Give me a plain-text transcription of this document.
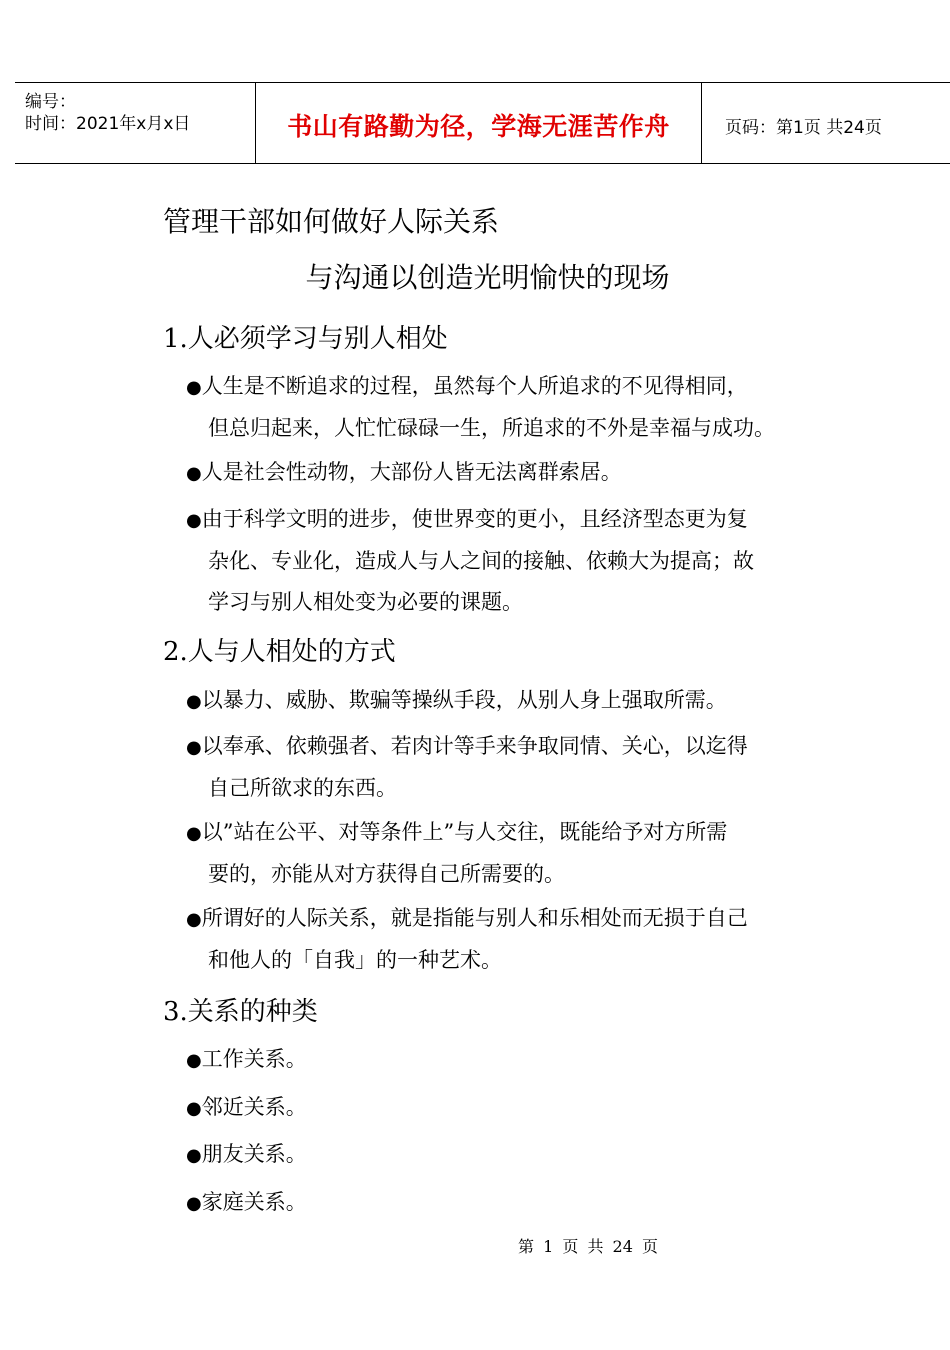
编号：
时间：2021年x月x日	书山有路勤为径，学海无涯苦作舟	页码：第1页 共24页
管理干部如何做好人际关系
与沟通以创造光明愉快的现场
1.人必须学习与别人相处
●人生是不断追求的过程，虽然每个人所追求的不见得相同，
但总归起来，人忙忙碌碌一生，所追求的不外是幸福与成功。
●人是社会性动物，大部份人皆无法离群索居。
●由于科学文明的进步，使世界变的更小，且经济型态更为复
杂化、专业化，造成人与人之间的接触、依赖大为提高；故
学习与别人相处变为必要的课题。
2.人与人相处的方式
●以暴力、威胁、欺骗等操纵手段，从别人身上强取所需。
●以奉承、依赖强者、若肉计等手来争取同情、关心，以迄得
自己所欲求的东西。
●以”站在公平、对等条件上”与人交往，既能给予对方所需
要的，亦能从对方获得自己所需要的。
●所谓好的人际关系，就是指能与别人和乐相处而无损于自己
和他人的「自我」的一种艺术。
3.关系的种类
●工作关系。
●邻近关系。
●朋友关系。
●家庭关系。
第 1 页 共 24 页
